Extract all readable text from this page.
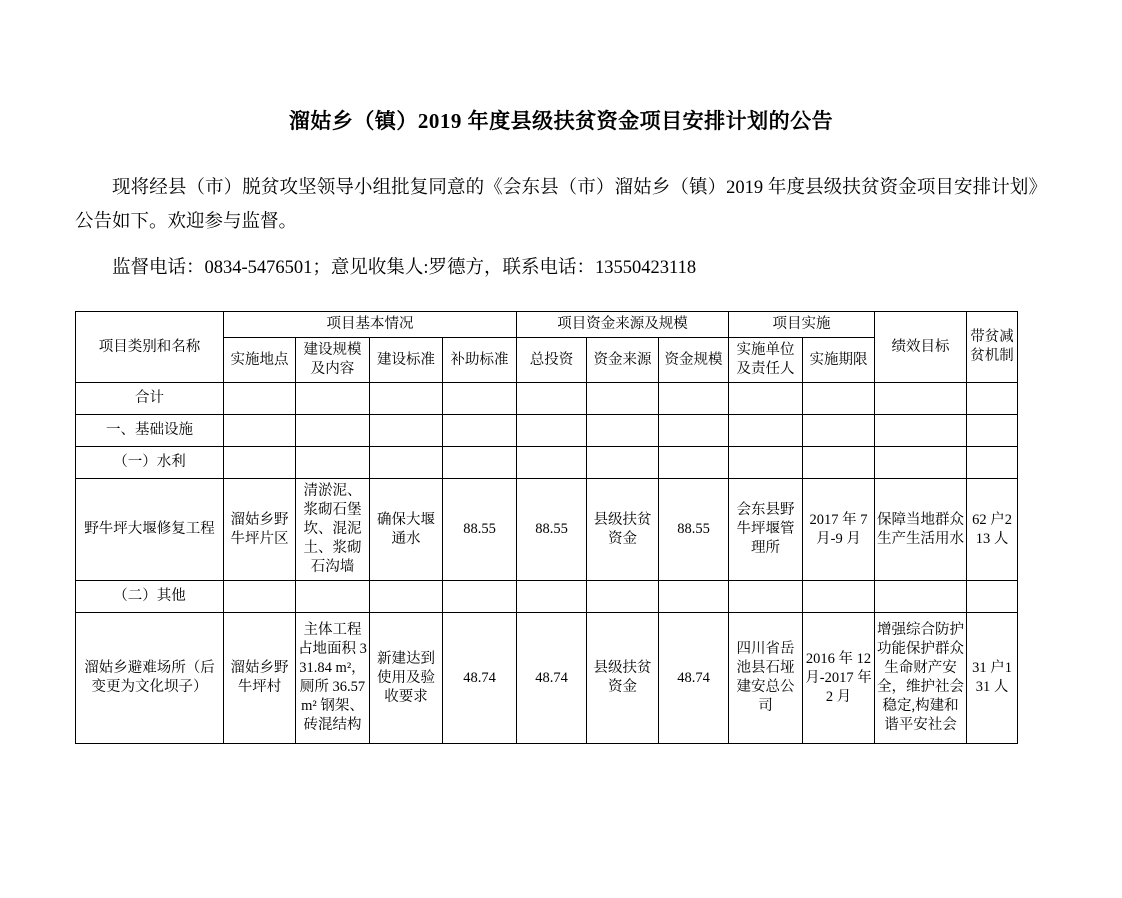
溜姑乡（镇）2019 年度县级扶贫资金项目安排计划的公告

现将经县（市）脱贫攻坚领导小组批复同意的《会东县（市）溜姑乡（镇）2019 年度县级扶贫资金项目安排计划》公告如下。欢迎参与监督。

监督电话：0834-5476501；意见收集人:罗德方，联系电话：13550423118

项目类别和名称	项目基本情况				项目资金来源及规模			项目实施		绩效目标	带贫减贫机制
	实施地点	建设规模及内容	建设标准	补助标准	总投资	资金来源	资金规模	实施单位及责任人	实施期限		
合计											
一、基础设施											
（一）水利											
野牛坪大堰修复工程	溜姑乡野牛坪片区	清淤泥、浆砌石堡坎、混泥土、浆砌石沟墙	确保大堰通水	88.55	88.55	县级扶贫资金	88.55	会东县野牛坪堰管理所	2017 年 7 月-9 月	保障当地群众生产生活用水	62 户213 人
（二）其他											
溜姑乡避难场所（后变更为文化坝子）	溜姑乡野牛坪村	主体工程占地面积 331.84 m²，厕所 36.57 m² 钢架、砖混结构	新建达到使用及验收要求	48.74	48.74	县级扶贫资金	48.74	四川省岳池县石垭建安总公司	2016 年 12 月-2017 年 2 月	增强综合防护功能保护群众生命财产安全，维护社会稳定,构建和谐平安社会	31 户131 人
